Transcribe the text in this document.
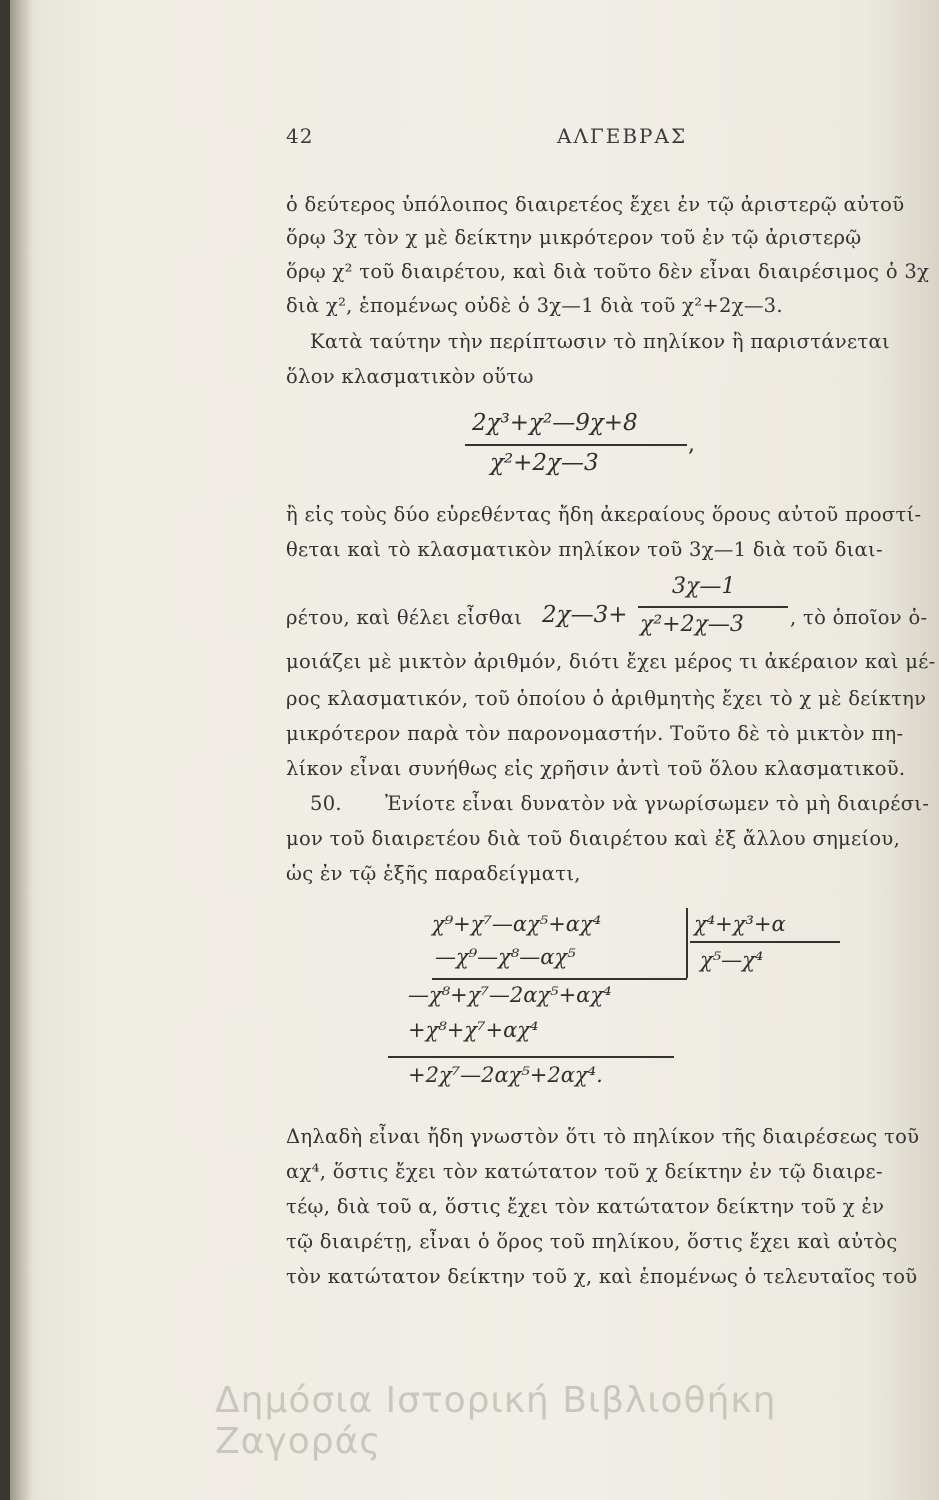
42	ΑΛΓΕΒΡΑΣ
ὁ δεύτερος ὑπόλοιπος διαιρετέος ἔχει ἐν τῷ ἀριστερῷ αὐτοῦ
ὅρῳ 3χ τὸν χ μὲ δείκτην μικρότερον τοῦ ἐν τῷ ἀριστερῷ
ὅρῳ χ² τοῦ διαιρέτου, καὶ διὰ τοῦτο δὲν εἶναι διαιρέσιμος ὁ 3χ
διὰ χ², ἑπομένως οὐδὲ ὁ 3χ—1 διὰ τοῦ χ²+2χ—3.
Κατὰ ταύτην τὴν περίπτωσιν τὸ πηλίκον ἢ παριστάνεται
ὅλον κλασματικὸν οὕτω
2χ³+χ²—9χ+8
χ²+2χ—3
,
ἢ εἰς τοὺς δύο εὑρεθέντας ἤδη ἀκεραίους ὅρους αὐτοῦ προστί-
θεται καὶ τὸ κλασματικὸν πηλίκον τοῦ 3χ—1 διὰ τοῦ διαι-
ρέτου, καὶ θέλει εἶσθαι 2χ—3+
3χ—1
χ²+2χ—3 , τὸ ὁποῖον ὁ-
μοιάζει μὲ μικτὸν ἀριθμόν, διότι ἔχει μέρος τι ἀκέραιον καὶ μέ-
ρος κλασματικόν, τοῦ ὁποίου ὁ ἀριθμητὴς ἔχει τὸ χ μὲ δείκτην
μικρότερον παρὰ τὸν παρονομαστήν. Τοῦτο δὲ τὸ μικτὸν πη-
λίκον εἶναι συνήθως εἰς χρῆσιν ἀντὶ τοῦ ὅλου κλασματικοῦ.
50.	Ἐνίοτε εἶναι δυνατὸν νὰ γνωρίσωμεν τὸ μὴ διαιρέσι-
μον τοῦ διαιρετέου διὰ τοῦ διαιρέτου καὶ ἐξ ἄλλου σημείου,
ὡς ἐν τῷ ἑξῆς παραδείγματι,
χ⁹+χ⁷—αχ⁵+αχ⁴	χ⁴+χ³+α
—χ⁹—χ⁸—αχ⁵	χ⁵—χ⁴
—χ⁸+χ⁷—2αχ⁵+αχ⁴
+χ⁸+χ⁷+αχ⁴
+2χ⁷—2αχ⁵+2αχ⁴.
Δηλαδὴ εἶναι ἤδη γνωστὸν ὅτι τὸ πηλίκον τῆς διαιρέσεως τοῦ
αχ⁴, ὅστις ἔχει τὸν κατώτατον τοῦ χ δείκτην ἐν τῷ διαιρε-
τέῳ, διὰ τοῦ α, ὅστις ἔχει τὸν κατώτατον δείκτην τοῦ χ ἐν
τῷ διαιρέτῃ, εἶναι ὁ ὅρος τοῦ πηλίκου, ὅστις ἔχει καὶ αὐτὸς
τὸν κατώτατον δείκτην τοῦ χ, καὶ ἑπομένως ὁ τελευταῖος τοῦ
Δημόσια Ιστορική Βιβλιοθήκη Ζαγοράς
